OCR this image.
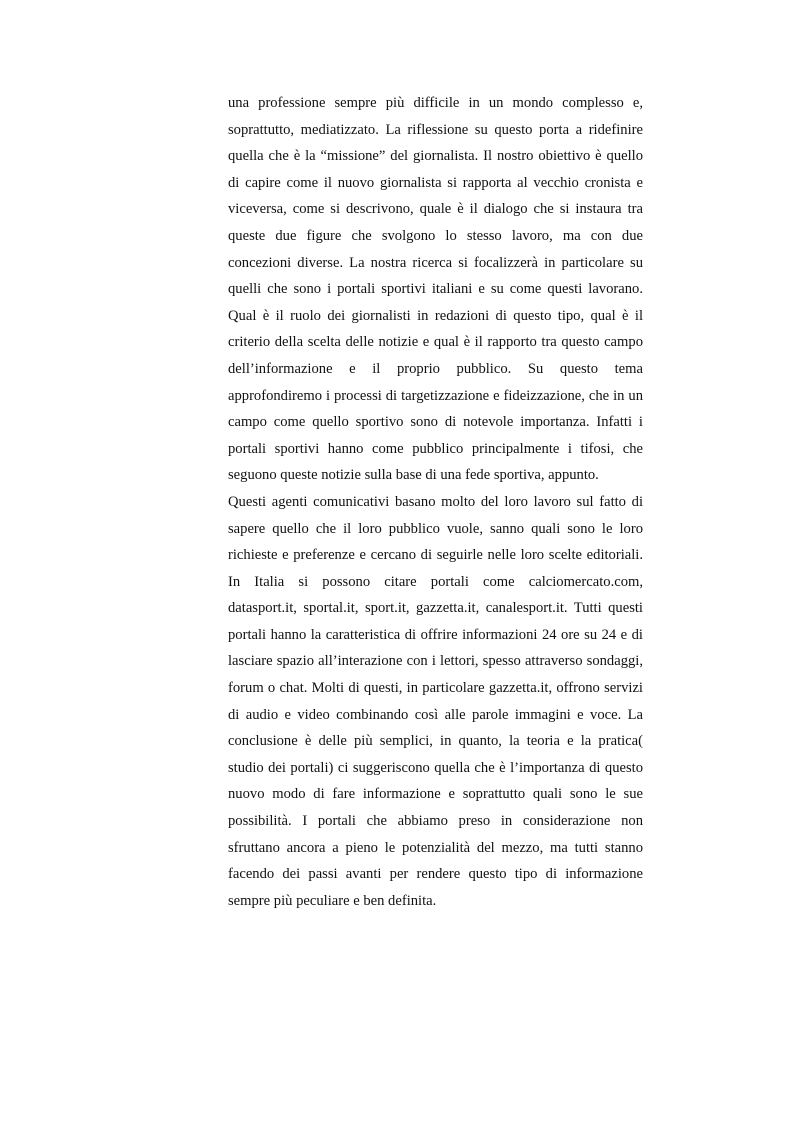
una professione sempre più difficile in un mondo complesso e,
soprattutto, mediatizzato. La riflessione su questo porta a ridefinire
quella che è la “missione” del giornalista. Il nostro obiettivo è quello
di capire come il nuovo giornalista si rapporta al vecchio cronista e
viceversa, come si descrivono, quale è il dialogo che si instaura tra
queste due figure che svolgono lo stesso lavoro, ma con due
concezioni diverse. La nostra ricerca si focalizzerà in particolare su
quelli che sono i portali sportivi italiani e su come questi lavorano.
Qual è il ruolo dei giornalisti in redazioni di questo tipo, qual è il
criterio della scelta delle notizie e qual è il rapporto tra questo campo
dell’informazione e il proprio pubblico. Su questo tema
approfondiremo i processi di targetizzazione e fideizzazione, che in un
campo come quello sportivo sono di notevole importanza. Infatti i
portali sportivi hanno come pubblico principalmente i tifosi, che
seguono queste notizie sulla base di una fede sportiva, appunto.
Questi agenti comunicativi basano molto del loro lavoro sul fatto di
sapere quello che il loro pubblico vuole, sanno quali sono le loro
richieste e preferenze e cercano di seguirle nelle loro scelte editoriali.
In Italia si possono citare portali come calciomercato.com,
datasport.it, sportal.it, sport.it, gazzetta.it, canalesport.it. Tutti questi
portali hanno la caratteristica di offrire informazioni 24 ore su 24 e di
lasciare spazio all’interazione con i lettori, spesso attraverso sondaggi,
forum o chat. Molti di questi, in particolare gazzetta.it, offrono servizi
di audio e video combinando così alle parole immagini e voce. La
conclusione è delle più semplici, in quanto, la teoria e la pratica(
studio dei portali) ci suggeriscono quella che è l’importanza di questo
nuovo modo di fare informazione e soprattutto quali sono le sue
possibilità. I portali che abbiamo preso in considerazione non
sfruttano ancora a pieno le potenzialità del mezzo, ma tutti stanno
facendo dei passi avanti per rendere questo tipo di informazione
sempre più peculiare e ben definita.
